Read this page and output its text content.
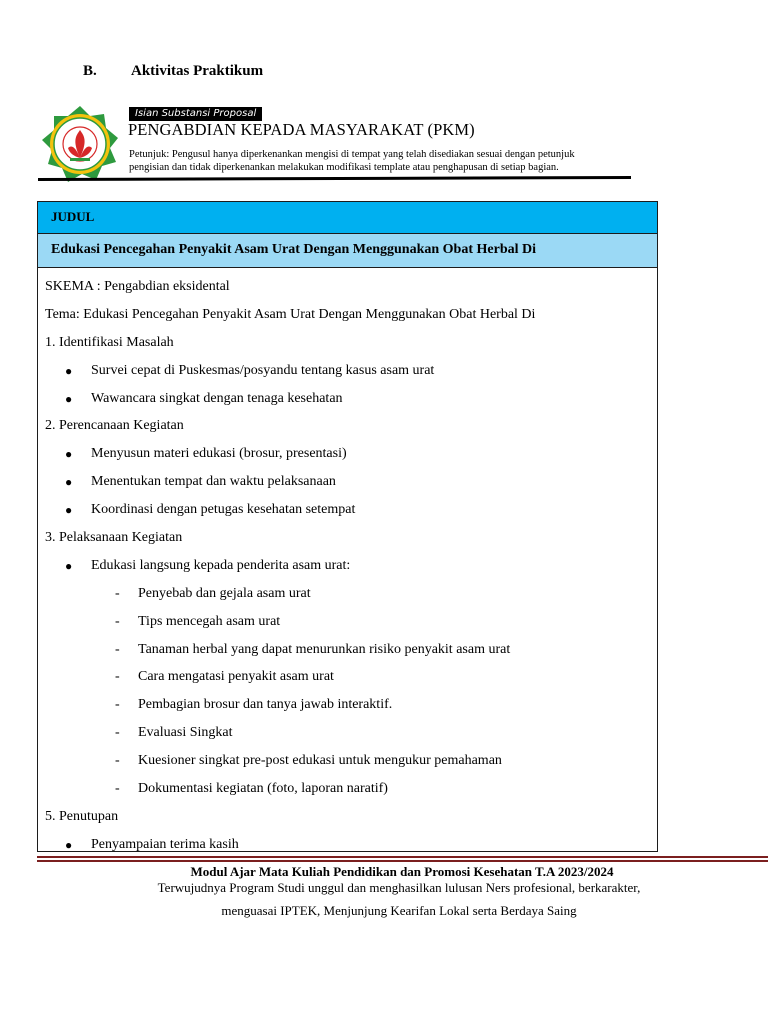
B. Aktivitas Praktikum
Isian Substansi Proposal
PENGABDIAN KEPADA MASYARAKAT (PKM)
Petunjuk: Pengusul hanya diperkenankan mengisi di tempat yang telah disediakan sesuai dengan petunjuk
pengisian dan tidak diperkenankan melakukan modifikasi template atau penghapusan di setiap bagian.
JUDUL
Edukasi Pencegahan Penyakit Asam Urat Dengan Menggunakan Obat Herbal Di
SKEMA : Pengabdian eksidental
Tema: Edukasi Pencegahan Penyakit Asam Urat Dengan Menggunakan Obat Herbal Di
1. Identifikasi Masalah
● Survei cepat di Puskesmas/posyandu tentang kasus asam urat
● Wawancara singkat dengan tenaga kesehatan
2. Perencanaan Kegiatan
● Menyusun materi edukasi (brosur, presentasi)
● Menentukan tempat dan waktu pelaksanaan
● Koordinasi dengan petugas kesehatan setempat
3. Pelaksanaan Kegiatan
● Edukasi langsung kepada penderita asam urat:
- Penyebab dan gejala asam urat
- Tips mencegah asam urat
- Tanaman herbal yang dapat menurunkan risiko penyakit asam urat
- Cara mengatasi penyakit asam urat
- Pembagian brosur dan tanya jawab interaktif.
- Evaluasi Singkat
- Kuesioner singkat pre-post edukasi untuk mengukur pemahaman
- Dokumentasi kegiatan (foto, laporan naratif)
5. Penutupan
● Penyampaian terima kasih
Modul Ajar Mata Kuliah Pendidikan dan Promosi Kesehatan T.A 2023/2024
Terwujudnya Program Studi unggul dan menghasilkan lulusan Ners profesional, berkarakter,
menguasai IPTEK, Menjunjung Kearifan Lokal serta Berdaya Saing
